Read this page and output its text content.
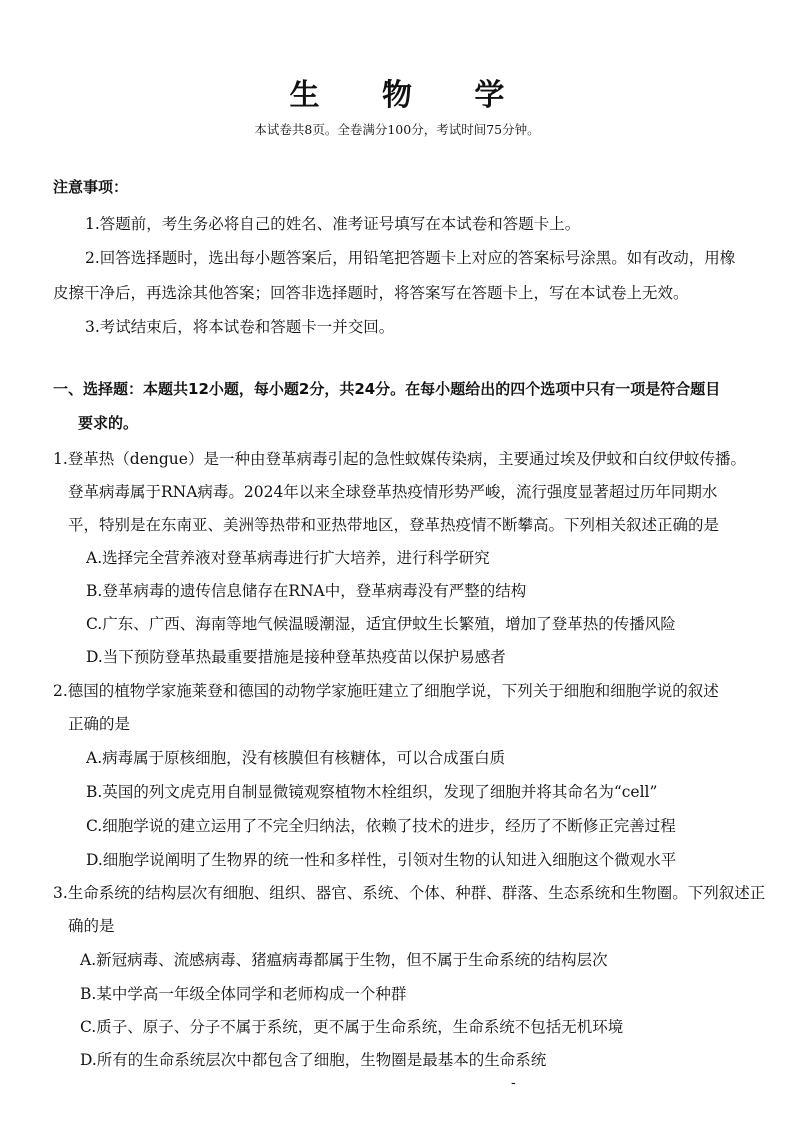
生 物 学
本试卷共8页。全卷满分100分，考试时间75分钟。
注意事项：
1.答题前，考生务必将自己的姓名、准考证号填写在本试卷和答题卡上。
2.回答选择题时，选出每小题答案后，用铅笔把答题卡上对应的答案标号涂黑。如有改动，用橡
皮擦干净后，再选涂其他答案；回答非选择题时，将答案写在答题卡上，写在本试卷上无效。
3.考试结束后，将本试卷和答题卡一并交回。
一、选择题：本题共12小题，每小题2分，共24分。在每小题给出的四个选项中只有一项是符合题目
要求的。
1.登革热（dengue）是一种由登革病毒引起的急性蚊媒传染病，主要通过埃及伊蚊和白纹伊蚊传播。
登革病毒属于RNA病毒。2024年以来全球登革热疫情形势严峻，流行强度显著超过历年同期水
平，特别是在东南亚、美洲等热带和亚热带地区，登革热疫情不断攀高。下列相关叙述正确的是
A.选择完全营养液对登革病毒进行扩大培养，进行科学研究
B.登革病毒的遗传信息储存在RNA中，登革病毒没有严整的结构
C.广东、广西、海南等地气候温暖潮湿，适宜伊蚊生长繁殖，增加了登革热的传播风险
D.当下预防登革热最重要措施是接种登革热疫苗以保护易感者
2.德国的植物学家施莱登和德国的动物学家施旺建立了细胞学说，下列关于细胞和细胞学说的叙述
正确的是
A.病毒属于原核细胞，没有核膜但有核糖体，可以合成蛋白质
B.英国的列文虎克用自制显微镜观察植物木栓组织，发现了细胞并将其命名为“cell”
C.细胞学说的建立运用了不完全归纳法，依赖了技术的进步，经历了不断修正完善过程
D.细胞学说阐明了生物界的统一性和多样性，引领对生物的认知进入细胞这个微观水平
3.生命系统的结构层次有细胞、组织、器官、系统、个体、种群、群落、生态系统和生物圈。下列叙述正
确的是
A.新冠病毒、流感病毒、猪瘟病毒都属于生物，但不属于生命系统的结构层次
B.某中学高一年级全体同学和老师构成一个种群
C.质子、原子、分子不属于系统，更不属于生命系统，生命系统不包括无机环境
D.所有的生命系统层次中都包含了细胞，生物圈是最基本的生命系统
-
